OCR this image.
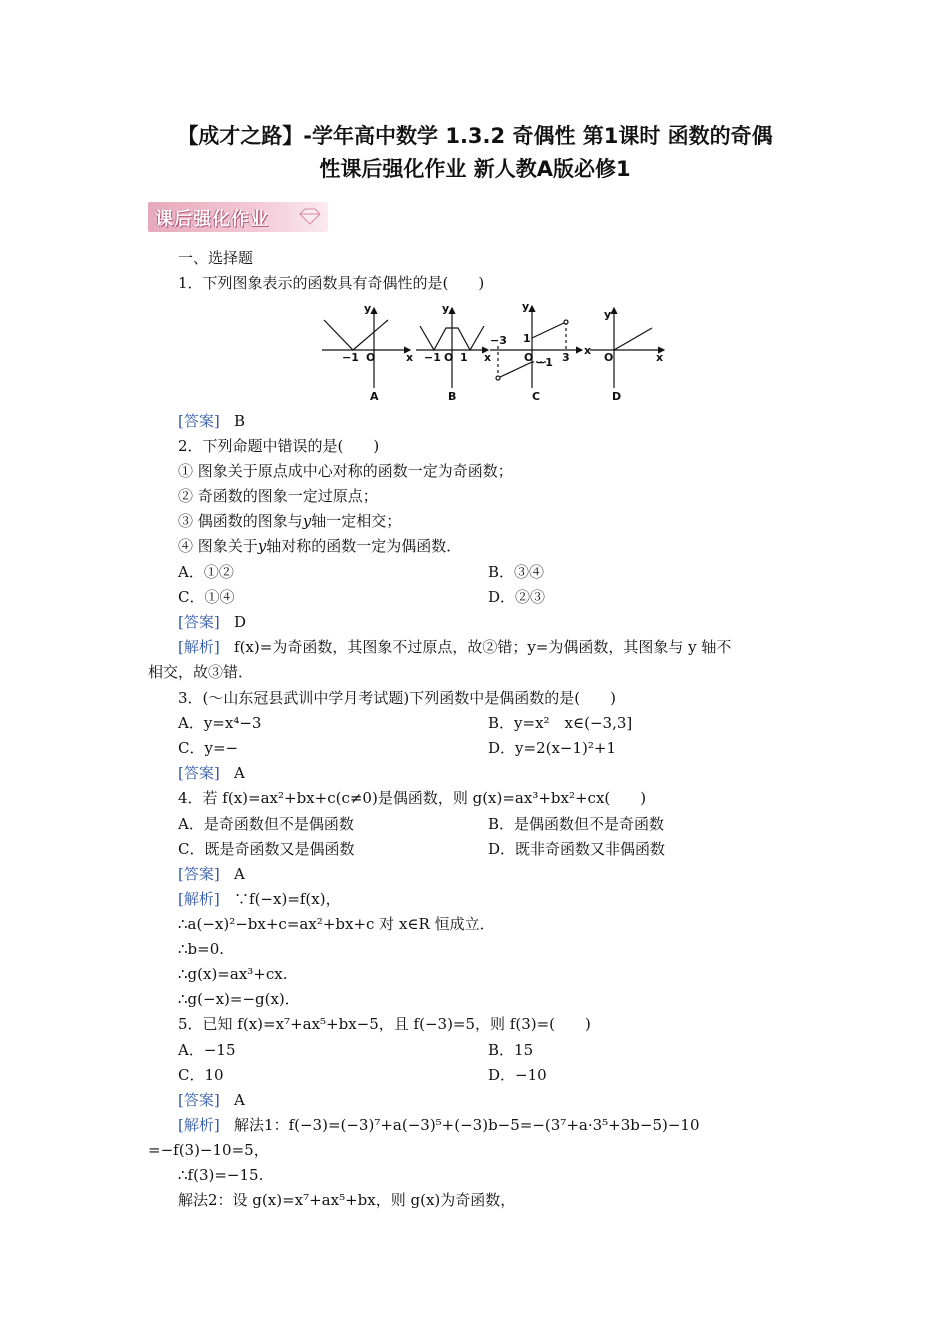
【成才之路】-学年高中数学 1.3.2 奇偶性 第1课时 函数的奇偶
性课后强化作业 新人教A版必修1
课后强化作业
一、选择题
1．下列图象表示的函数具有奇偶性的是(　　)
y
x
O
−1
A
y
x
O
−1 1
B
y
x
O
−3 1
3
−1
C
y
x
O
D
[答案] B
2．下列命题中错误的是(　　)
① 图象关于原点成中心对称的函数一定为奇函数；
② 奇函数的图象一定过原点；
③ 偶函数的图象与y轴一定相交；
④ 图象关于y轴对称的函数一定为偶函数．
A．①②	B．③④
C．①④	D．②③
[答案] D
[解析] f(x)=为奇函数，其图象不过原点，故②错；y=为偶函数，其图象与 y 轴不
相交，故③错．
3．(～山东冠县武训中学月考试题)下列函数中是偶函数的是(　　)
A．y=x⁴−3	B．y=x²　x∈(−3,3]
C．y=−	D．y=2(x−1)²+1
[答案] A
4．若 f(x)=ax²+bx+c(c≠0)是偶函数，则 g(x)=ax³+bx²+cx(　　)
A．是奇函数但不是偶函数	B．是偶函数但不是奇函数
C．既是奇函数又是偶函数	D．既非奇函数又非偶函数
[答案] A
[解析] ∵f(−x)=f(x)，
∴a(−x)²−bx+c=ax²+bx+c 对 x∈R 恒成立．
∴b=0.
∴g(x)=ax³+cx.
∴g(−x)=−g(x)．
5．已知 f(x)=x⁷+ax⁵+bx−5，且 f(−3)=5，则 f(3)=(　　)
A．−15	B．15
C．10	D．−10
[答案] A
[解析] 解法1：f(−3)=(−3)⁷+a(−3)⁵+(−3)b−5=−(3⁷+a·3⁵+3b−5)−10
=−f(3)−10=5，
∴f(3)=−15.
解法2：设 g(x)=x⁷+ax⁵+bx，则 g(x)为奇函数，
